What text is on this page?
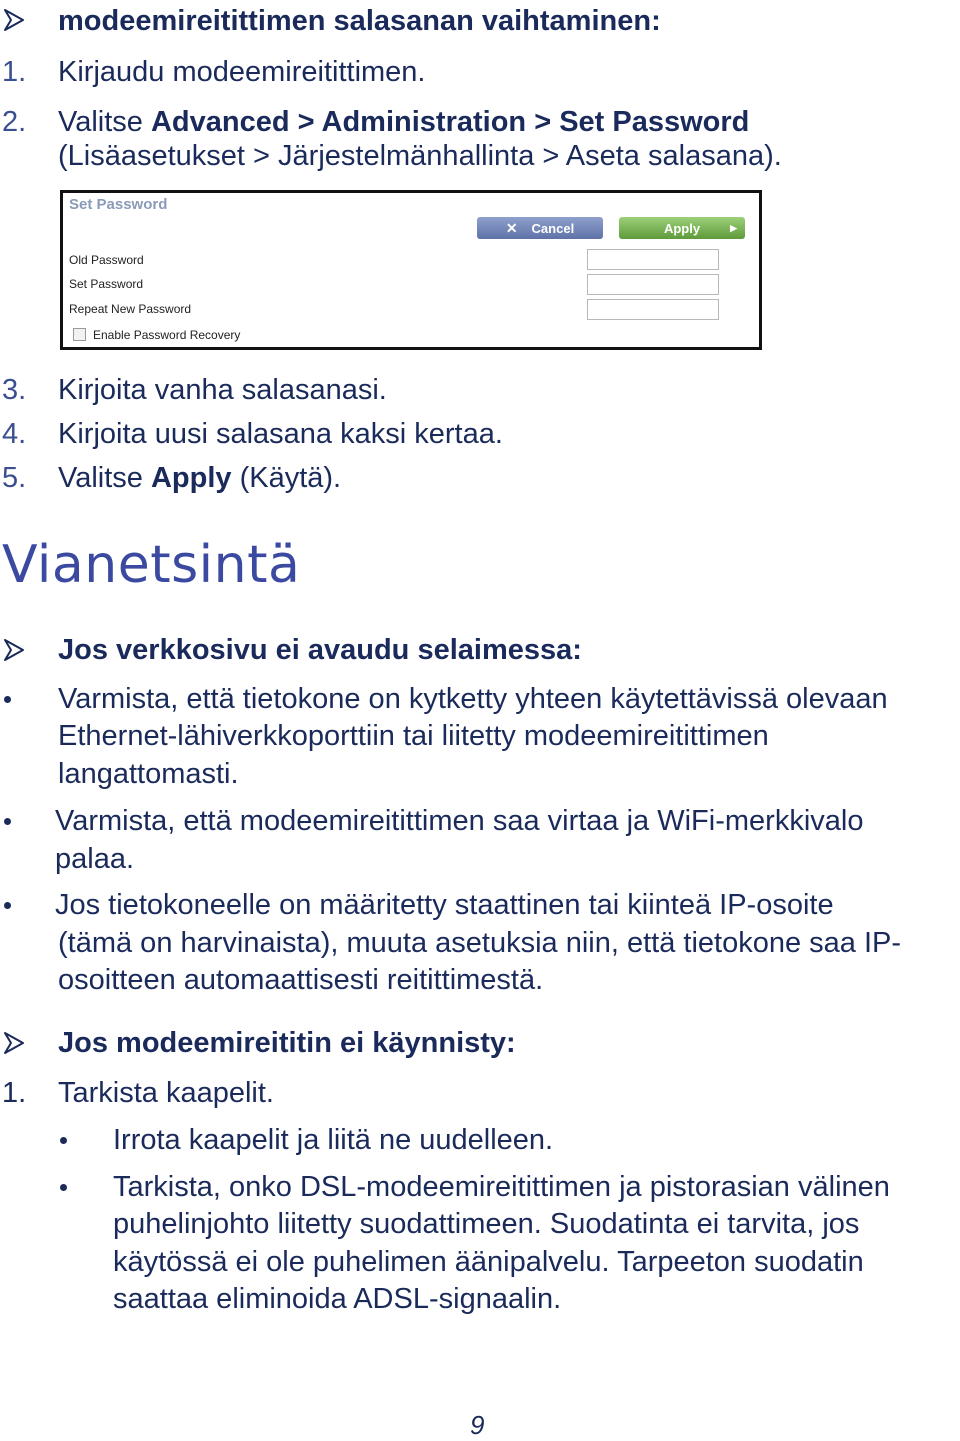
modeemireitittimen salasanan vaihtaminen:
1. Kirjaudu modeemireitittimen.
2. Valitse Advanced > Administration > Set Password
(Lisäasetukset > Järjestelmänhallinta > Aseta salasana).
Set Password
✕ Cancel	Apply	▶
Old Password
Set Password
Repeat New Password
Enable Password Recovery
3. Kirjoita vanha salasanasi.
4. Kirjoita uusi salasana kaksi kertaa.
5. Valitse Apply (Käytä).
Vianetsintä
Jos verkkosivu ei avaudu selaimessa:
Varmista, että tietokone on kytketty yhteen käytettävissä olevaan
Ethernet-lähiverkkoporttiin tai liitetty modeemireitittimen
langattomasti.
Varmista, että modeemireitittimen saa virtaa ja WiFi-merkkivalo
palaa.
Jos tietokoneelle on määritetty staattinen tai kiinteä IP-osoite
(tämä on harvinaista), muuta asetuksia niin, että tietokone saa IP-
osoitteen automaattisesti reitittimestä.
Jos modeemireititin ei käynnisty:
1. Tarkista kaapelit.
Irrota kaapelit ja liitä ne uudelleen.
Tarkista, onko DSL-modeemireitittimen ja pistorasian välinen
puhelinjohto liitetty suodattimeen. Suodatinta ei tarvita, jos
käytössä ei ole puhelimen äänipalvelu. Tarpeeton suodatin
saattaa eliminoida ADSL-signaalin.
9
